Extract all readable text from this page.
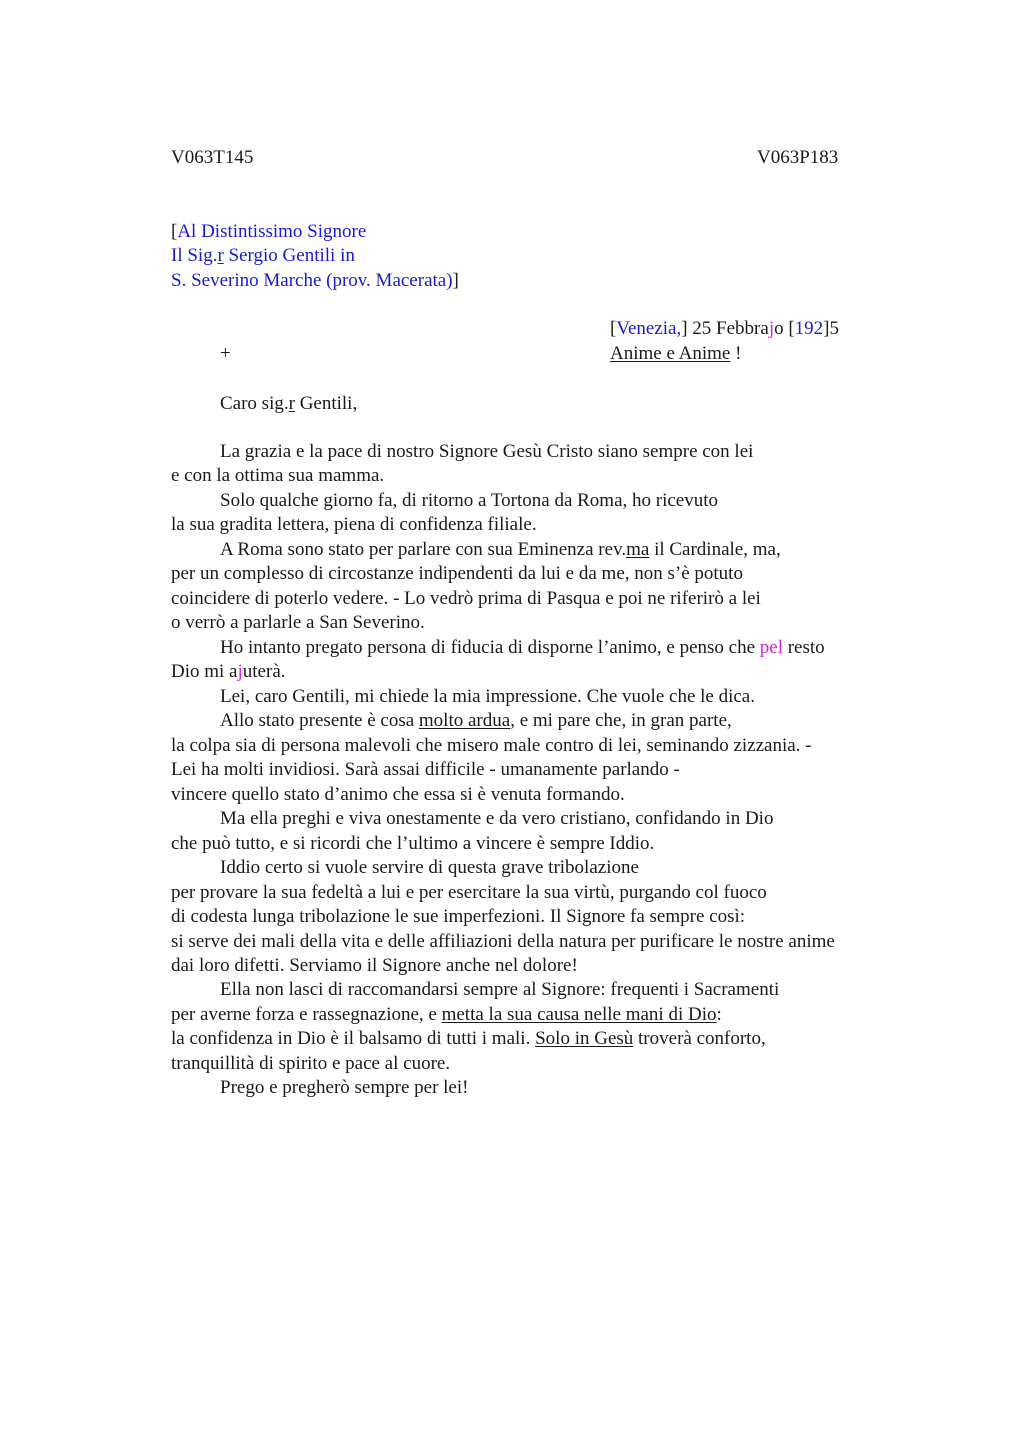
V063T145	V063P183
[Al Distintissimo Signore
Il Sig.r Sergio Gentili in
S. Severino Marche (prov. Macerata)]
[Venezia,] 25 Febbrajo [192]5
+	Anime e Anime !
Caro sig.r Gentili,
La grazia e la pace di nostro Signore Gesù Cristo siano sempre con lei
e con la ottima sua mamma.
Solo qualche giorno fa, di ritorno a Tortona da Roma, ho ricevuto
la sua gradita lettera, piena di confidenza filiale.
A Roma sono stato per parlare con sua Eminenza rev.ma il Cardinale, ma,
per un complesso di circostanze indipendenti da lui e da me, non s’è potuto
coincidere di poterlo vedere. - Lo vedrò prima di Pasqua e poi ne riferirò a lei
o verrò a parlarle a San Severino.
Ho intanto pregato persona di fiducia di disporne l’animo, e penso che pel resto
Dio mi ajuterà.
Lei, caro Gentili, mi chiede la mia impressione. Che vuole che le dica.
Allo stato presente è cosa molto ardua, e mi pare che, in gran parte,
la colpa sia di persona malevoli che misero male contro di lei, seminando zizzania. -
Lei ha molti invidiosi. Sarà assai difficile - umanamente parlando -
vincere quello stato d’animo che essa si è venuta formando.
Ma ella preghi e viva onestamente e da vero cristiano, confidando in Dio
che può tutto, e si ricordi che l’ultimo a vincere è sempre Iddio.
Iddio certo si vuole servire di questa grave tribolazione
per provare la sua fedeltà a lui e per esercitare la sua virtù, purgando col fuoco
di codesta lunga tribolazione le sue imperfezioni. Il Signore fa sempre così:
si serve dei mali della vita e delle affiliazioni della natura per purificare le nostre anime
dai loro difetti. Serviamo il Signore anche nel dolore!
Ella non lasci di raccomandarsi sempre al Signore: frequenti i Sacramenti
per averne forza e rassegnazione, e metta la sua causa nelle mani di Dio:
la confidenza in Dio è il balsamo di tutti i mali. Solo in Gesù troverà conforto,
tranquillità di spirito e pace al cuore.
Prego e pregherò sempre per lei!
